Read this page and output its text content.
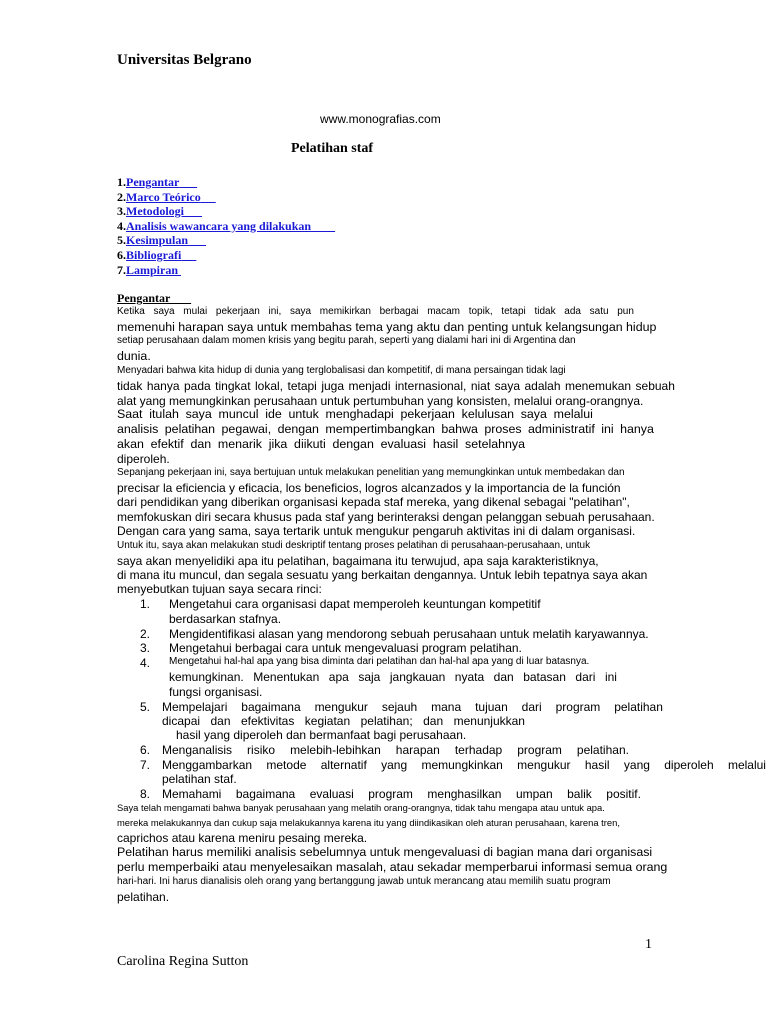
Universitas Belgrano
www.monografias.com
Pelatihan staf
1.Pengantar
2.Marco Teórico
3.Metodologi
4.Analisis wawancara yang dilakukan
5.Kesimpulan
6.Bibliografi
7.Lampiran
Pengantar
Ketika saya mulai pekerjaan ini, saya memikirkan berbagai macam topik, tetapi tidak ada satu pun
memenuhi harapan saya untuk membahas tema yang aktu dan penting untuk kelangsungan hidup
setiap perusahaan dalam momen krisis yang begitu parah, seperti yang dialami hari ini di Argentina dan
dunia.
Menyadari bahwa kita hidup di dunia yang terglobalisasi dan kompetitif, di mana persaingan tidak lagi
tidak hanya pada tingkat lokal, tetapi juga menjadi internasional, niat saya adalah menemukan sebuah
alat yang memungkinkan perusahaan untuk pertumbuhan yang konsisten, melalui orang-orangnya.
Saat itulah saya muncul ide untuk menghadapi pekerjaan kelulusan saya melalui
analisis pelatihan pegawai, dengan mempertimbangkan bahwa proses administratif ini hanya
akan efektif dan menarik jika diikuti dengan evaluasi hasil setelahnya
diperoleh.
Sepanjang pekerjaan ini, saya bertujuan untuk melakukan penelitian yang memungkinkan untuk membedakan dan
precisar la eficiencia y eficacia, los beneficios, logros alcanzados y la importancia de la función
dari pendidikan yang diberikan organisasi kepada staf mereka, yang dikenal sebagai "pelatihan",
memfokuskan diri secara khusus pada staf yang berinteraksi dengan pelanggan sebuah perusahaan.
Dengan cara yang sama, saya tertarik untuk mengukur pengaruh aktivitas ini di dalam organisasi.
Untuk itu, saya akan melakukan studi deskriptif tentang proses pelatihan di perusahaan-perusahaan, untuk
saya akan menyelidiki apa itu pelatihan, bagaimana itu terwujud, apa saja karakteristiknya,
di mana itu muncul, dan segala sesuatu yang berkaitan dengannya. Untuk lebih tepatnya saya akan
menyebutkan tujuan saya secara rinci:
1. Mengetahui cara organisasi dapat memperoleh keuntungan kompetitif
berdasarkan stafnya.
2. Mengidentifikasi alasan yang mendorong sebuah perusahaan untuk melatih karyawannya.
3. Mengetahui berbagai cara untuk mengevaluasi program pelatihan.
4. Mengetahui hal-hal apa yang bisa diminta dari pelatihan dan hal-hal apa yang di luar batasnya.
kemungkinan. Menentukan apa saja jangkauan nyata dan batasan dari ini
fungsi organisasi.
5. Mempelajari bagaimana mengukur sejauh mana tujuan dari program pelatihan
dicapai dan efektivitas kegiatan pelatihan; dan menunjukkan
hasil yang diperoleh dan bermanfaat bagi perusahaan.
6. Menganalisis risiko melebih-lebihkan harapan terhadap program pelatihan.
7. Menggambarkan metode alternatif yang memungkinkan mengukur hasil yang diperoleh melalui
pelatihan staf.
8. Memahami bagaimana evaluasi program menghasilkan umpan balik positif.
Saya telah mengamati bahwa banyak perusahaan yang melatih orang-orangnya, tidak tahu mengapa atau untuk apa.
mereka melakukannya dan cukup saja melakukannya karena itu yang diindikasikan oleh aturan perusahaan, karena tren,
caprichos atau karena meniru pesaing mereka.
Pelatihan harus memiliki analisis sebelumnya untuk mengevaluasi di bagian mana dari organisasi
perlu memperbaiki atau menyelesaikan masalah, atau sekadar memperbarui informasi semua orang
hari-hari. Ini harus dianalisis oleh orang yang bertanggung jawab untuk merancang atau memilih suatu program
pelatihan.
1
Carolina Regina Sutton
